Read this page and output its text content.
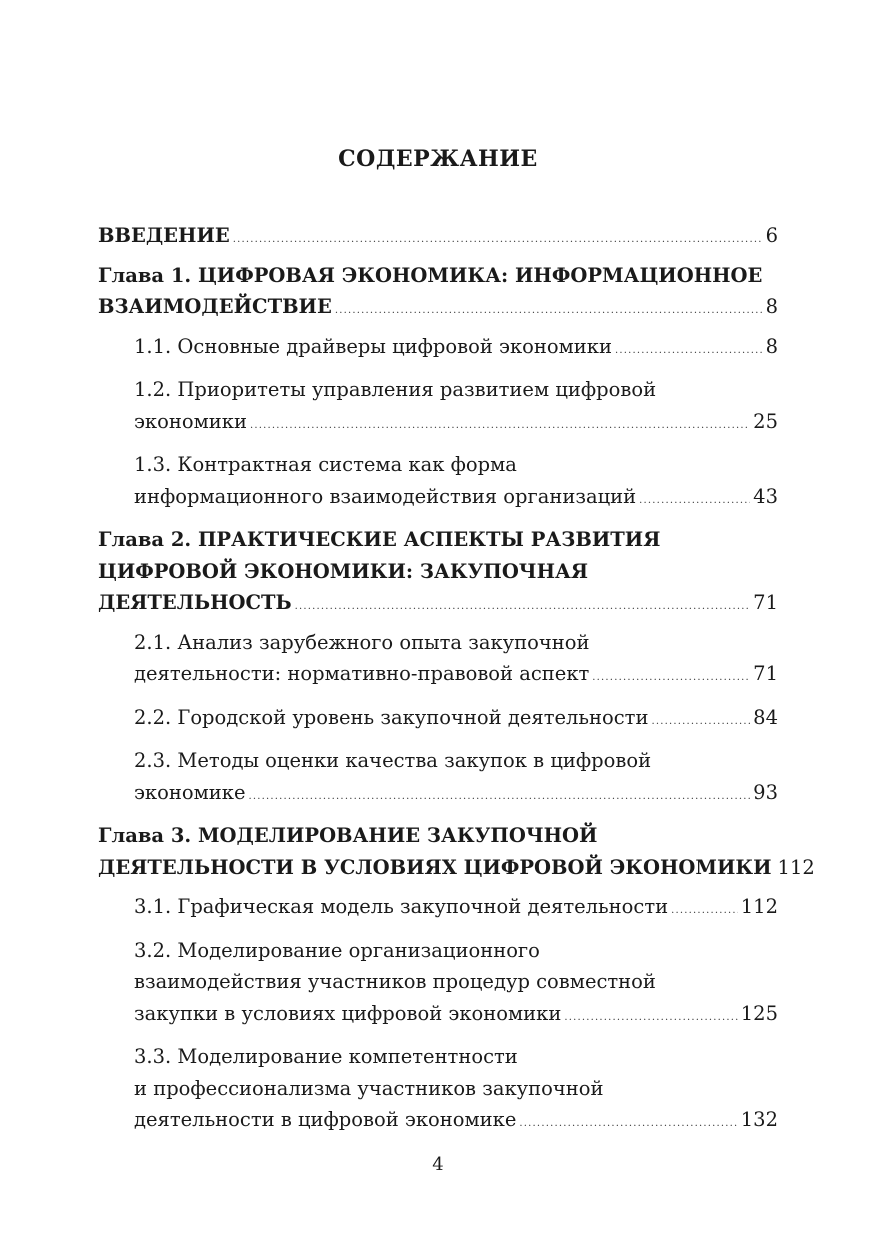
СОДЕРЖАНИЕ
ВВЕДЕНИЕ .....	6
Глава 1. ЦИФРОВАЯ ЭКОНОМИКА: ИНФОРМАЦИОННОЕ
ВЗАИМОДЕЙСТВИЕ .....	8
1.1. Основные драйверы цифровой экономики .....	8
1.2. Приоритеты управления развитием цифровой
экономики .....	25
1.3. Контрактная система как форма
информационного взаимодействия организаций .....	43
Глава 2. ПРАКТИЧЕСКИЕ АСПЕКТЫ РАЗВИТИЯ
ЦИФРОВОЙ ЭКОНОМИКИ: ЗАКУПОЧНАЯ
ДЕЯТЕЛЬНОСТЬ .....	71
2.1. Анализ зарубежного опыта закупочной
деятельности: нормативно-правовой аспект .....	71
2.2. Городской уровень закупочной деятельности .....	84
2.3. Методы оценки качества закупок в цифровой
экономике .....	93
Глава 3. МОДЕЛИРОВАНИЕ ЗАКУПОЧНОЙ
ДЕЯТЕЛЬНОСТИ В УСЛОВИЯХ ЦИФРОВОЙ ЭКОНОМИКИ 112
3.1. Графическая модель закупочной деятельности .....	112
3.2. Моделирование организационного
взаимодействия участников процедур совместной
закупки в условиях цифровой экономики .....	125
3.3. Моделирование компетентности
и профессионализма участников закупочной
деятельности в цифровой экономике .....	132
4
